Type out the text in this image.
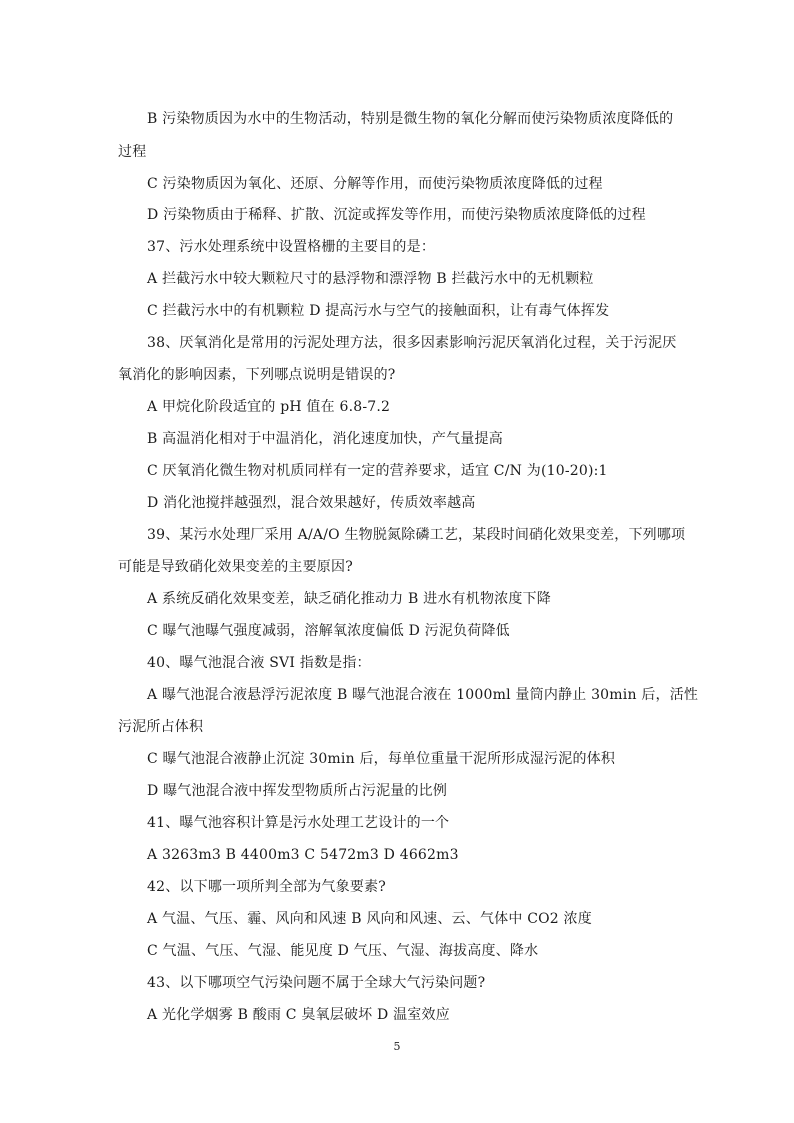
B 污染物质因为水中的生物活动，特别是微生物的氧化分解而使污染物质浓度降低的
过程
C 污染物质因为氧化、还原、分解等作用，而使污染物质浓度降低的过程
D 污染物质由于稀释、扩散、沉淀或挥发等作用，而使污染物质浓度降低的过程
37、污水处理系统中设置格栅的主要目的是：
A 拦截污水中较大颗粒尺寸的悬浮物和漂浮物 B 拦截污水中的无机颗粒
C 拦截污水中的有机颗粒 D 提高污水与空气的接触面积，让有毒气体挥发
38、厌氧消化是常用的污泥处理方法，很多因素影响污泥厌氧消化过程，关于污泥厌
氧消化的影响因素，下列哪点说明是错误的?
A 甲烷化阶段适宜的 pH 值在 6.8-7.2
B 高温消化相对于中温消化，消化速度加快，产气量提高
C 厌氧消化微生物对机质同样有一定的营养要求，适宜 C/N 为(10-20):1
D 消化池搅拌越强烈，混合效果越好，传质效率越高
39、某污水处理厂采用 A/A/O 生物脱氮除磷工艺，某段时间硝化效果变差，下列哪项
可能是导致硝化效果变差的主要原因?
A 系统反硝化效果变差，缺乏硝化推动力 B 进水有机物浓度下降
C 曝气池曝气强度减弱，溶解氧浓度偏低 D 污泥负荷降低
40、曝气池混合液 SVI 指数是指：
A 曝气池混合液悬浮污泥浓度 B 曝气池混合液在 1000ml 量筒内静止 30min 后，活性
污泥所占体积
C 曝气池混合液静止沉淀 30min 后，每单位重量干泥所形成湿污泥的体积
D 曝气池混合液中挥发型物质所占污泥量的比例
41、曝气池容积计算是污水处理工艺设计的一个
A 3263m3 B 4400m3 C 5472m3 D 4662m3
42、以下哪一项所判全部为气象要素?
A 气温、气压、霾、风向和风速 B 风向和风速、云、气体中 CO2 浓度
C 气温、气压、气湿、能见度 D 气压、气湿、海拔高度、降水
43、以下哪项空气污染问题不属于全球大气污染问题?
A 光化学烟雾 B 酸雨 C 臭氧层破坏 D 温室效应
5
